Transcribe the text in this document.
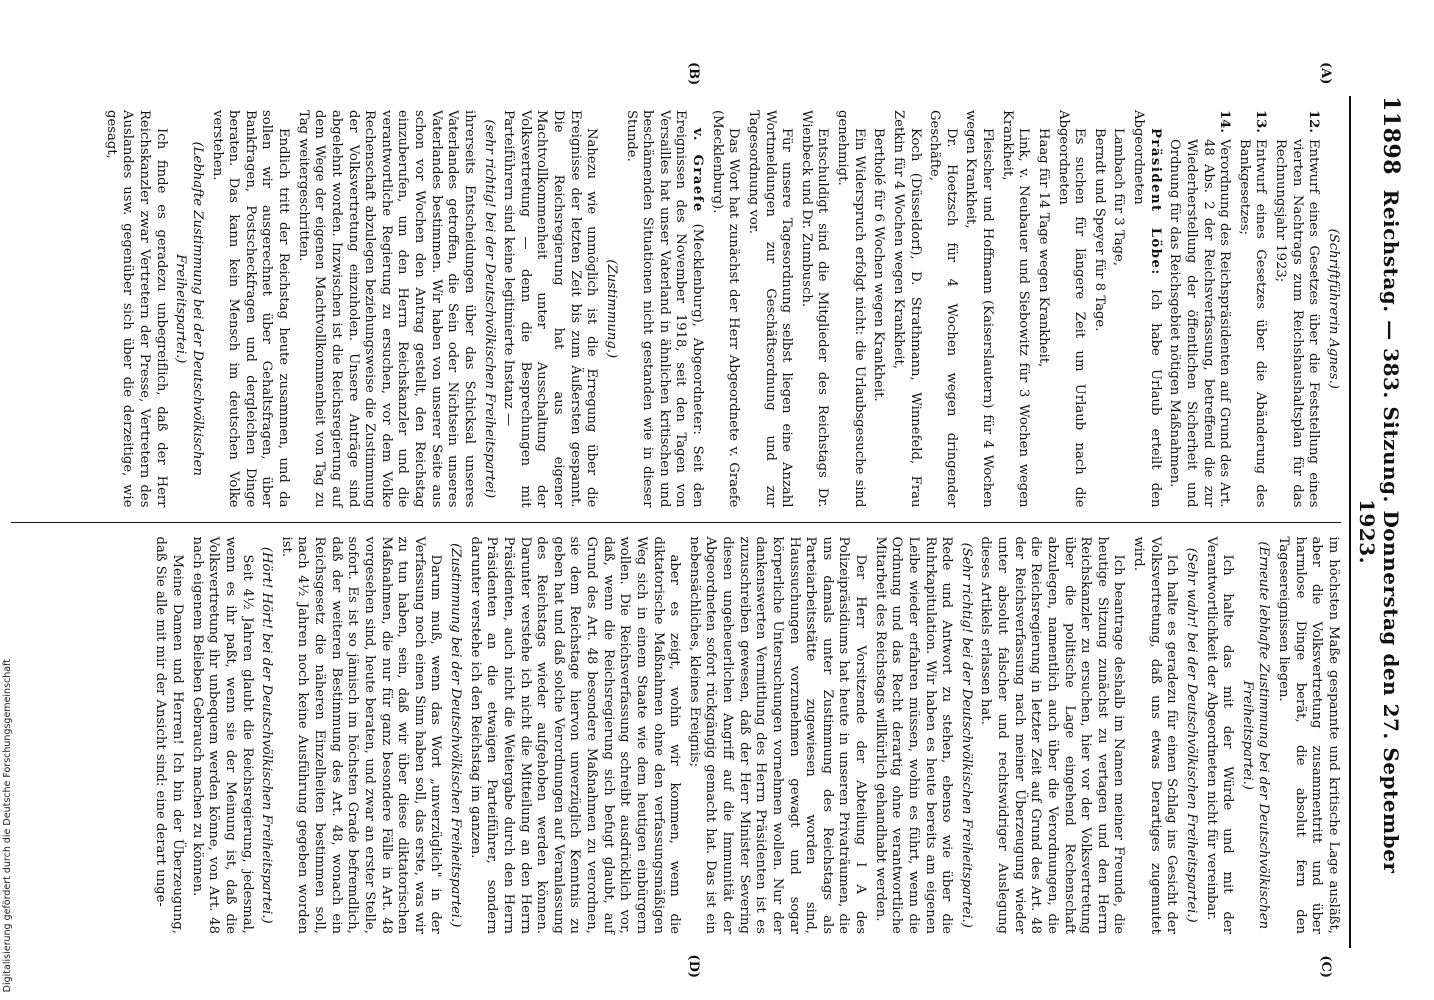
11898
Reichstag. — 383. Sitzung. Donnerstag den 27. September 1923.
(A)
(B)

(Schriftführerin Agnes.)

12.
Entwurf eines Gesetzes über die Feststellung eines vierten Nachtrags zum Reichshaushaltsplan für das Rechnungsjahr 1923;
13.
Entwurf eines Gesetzes über die Abänderung des Bankgesetzes;
14.
Verordnung des Reichspräsidenten auf Grund des Art. 48 Abs. 2 der Reichsverfassung, betreffend die zur Wiederherstellung der öffentlichen Sicherheit und Ordnung für das Reichsgebiet nötigen Maßnahmen.

Präsident Löbe: Ich habe Urlaub erteilt den Abgeordneten

Lambach für 3 Tage,

Berndt und Speyer für 8 Tage.

Es suchen für längere Zeit um Urlaub nach die Abgeordneten

Haag für 14 Tage wegen Krankheit,

Link, v. Neubauer und Siebowitz für 3 Wochen wegen Krankheit,

Fleischer und Hoffmann (Kaiserslautern) für 4 Wochen wegen Krankheit,

Dr. Hoetzsch für 4 Wochen wegen dringender Geschäfte,

Koch (Düsseldorf), D. Strathmann, Winnefeld, Frau Zetkin für 4 Wochen wegen Krankheit,

Bertholé für 6 Wochen wegen Krankheit.

Ein Widerspruch erfolgt nicht: die Urlaubsgesuche sind genehmigt.

Entschuldigt sind die Mitglieder des Reichstags Dr. Wienbeck und Dr. Zumbusch.

Für unsere Tagesordnung selbst liegen eine Anzahl Wortmeldungen zur Geschäftsordnung und zur Tagesordnung vor.

Das Wort hat zunächst der Herr Abgeordnete v. Graefe (Mecklenburg).

v. Graefe (Mecklenburg), Abgeordneter: Seit den Ereignissen des November 1918, seit den Tagen von Versailles hat unser Vaterland in ähnlichen kritischen und beschämenden Situationen nicht gestanden wie in dieser Stunde.

(Zustimmung.)

Nahezu wie unmöglich ist die Erregung über die Ereignisse der letzten Zeit bis zum Äußersten gespannt. Die Reichsregierung hat aus eigener Machtvollkommenheit unter Ausschaltung der Volksvertretung — denn die Besprechungen mit Parteiführern sind keine legitimierte Instanz —

(sehr richtig! bei der Deutschvölkischen Freiheitspartei)

ihrerseits Entscheidungen über das Schicksal unseres Vaterlandes getroffen, die Sein oder Nichtsein unseres Vaterlandes bestimmen. Wir haben von unserer Seite aus schon vor Wochen den Antrag gestellt, den Reichstag einzuberufen, um den Herrn Reichskanzler und die verantwortliche Regierung zu ersuchen, vor dem Volke Rechenschaft abzulegen beziehungsweise die Zustimmung der Volksvertretung einzuholen. Unsere Anträge sind abgelehnt worden. Inzwischen ist die Reichsregierung auf dem Wege der eigenen Machtvollkommenheit von Tag zu Tag weitergeschritten.

Endlich tritt der Reichstag heute zusammen, und da sollen wir ausgerechnet über Gehaltsfragen, über Bankfragen, Postscheckfragen und dergleichen Dinge beraten. Das kann kein Mensch im deutschen Volke verstehen.

(Lebhafte Zustimmung bei der Deutschvölkischen Freiheitspartei.)

Ich finde es geradezu unbegreiflich, daß der Herr Reichskanzler zwar Vertretern der Presse, Vertretern des Auslandes usw. gegenüber sich über die derzeitige, wie gesagt,

(C)
(D)

im höchsten Maße gespannte und kritische Lage ausläßt, aber die Volksvertretung zusammentritt und über harmlose Dinge berät, die absolut fern den Tagesereignissen liegen.

(Erneute lebhafte Zustimmung bei der Deutschvölkischen Freiheitspartei.)

Ich halte das mit der Würde und mit der Verantwortlichkeit der Abgeordneten nicht für vereinbar.

(Sehr wahr! bei der Deutschvölkischen Freiheitspartei.)

Ich halte es geradezu für einen Schlag ins Gesicht der Volksvertretung, daß uns etwas Derartiges zugemutet wird.

Ich beantrage deshalb im Namen meiner Freunde, die heutige Sitzung zunächst zu vertagen und den Herrn Reichskanzler zu ersuchen, hier vor der Volksvertretung über die politische Lage eingehend Rechenschaft abzulegen, namentlich auch über die Verordnungen, die die Reichsregierung in letzter Zeit auf Grund des Art. 48 der Reichsverfassung nach meiner Überzeugung wieder unter absolut falscher und rechtswidriger Auslegung dieses Artikels erlassen hat.

(Sehr richtig! bei der Deutschvölkischen Freiheitspartei.)

Rede und Antwort zu stehen, ebenso wie über die Ruhrkapitulation. Wir haben es heute bereits am eigenen Leibe wieder erfahren müssen, wohin es führt, wenn die Ordnung und das Recht derartig ohne verantwortliche Mitarbeit des Reichstags willkürlich gehandhabt werden.

Der Herr Vorsitzende der Abteilung I A des Polizeipräsidiums hat heute in unseren Privaträumen, die uns damals unter Zustimmung des Reichstags als Parteiarbeitsstätte zugewiesen worden sind, Haussuchungen vorzunehmen gewagt und sogar körperliche Untersuchungen vornehmen wollen. Nur der dankenswerten Vermittlung des Herrn Präsidenten ist es zuzuschreiben gewesen, daß der Herr Minister Severing diesen ungeheuerlichen Angriff auf die Immunität der Abgeordneten sofort rückgängig gemacht hat. Das ist ein nebensächliches, kleines Ereignis;

aber es zeigt, wohin wir kommen, wenn die diktatorische Maßnahmen ohne den verfassungsmäßigen Weg sich in einem Staate wie dem heutigen einbürgern wollen. Die Reichsverfassung schreibt ausdrücklich vor, daß, wenn die Reichsregierung sich befugt glaubt, auf Grund des Art. 48 besondere Maßnahmen zu verordnen, sie dem Reichstage hiervon unverzüglich Kenntnis zu geben hat und daß solche Verordnungen auf Veranlassung des Reichstags wieder aufgehoben werden können. Darunter verstehe ich nicht die Mitteilung an den Herrn Präsidenten, auch nicht die Weitergabe durch den Herrn Präsidenten an die etwaigen Parteiführer, sondern darunter verstehe ich den Reichstag im ganzen.

(Zustimmung bei der Deutschvölkischen Freiheitspartei.)

Darum muß, wenn das Wort „unverzüglich" in der Verfassung noch einen Sinn haben soll, das erste, was wir zu tun haben, sein, daß wir über diese diktatorischen Maßnahmen, die nur für ganz besondere Fälle in Art. 48 vorgesehen sind, heute beraten, und zwar an erster Stelle, sofort. Es ist so jämisch im höchsten Grade befremdlich, daß der weiteren Bestimmung des Art. 48, wonach ein Reichsgesetz die näheren Einzelheiten bestimmen soll, nach 4½ Jahren noch keine Ausführung gegeben worden ist.

(Hört! Hört! bei der Deutschvölkischen Freiheitspartei.)

Seit 4½ Jahren glaubt die Reichsregierung, jedesmal, wenn es ihr paßt, wenn sie der Meinung ist, daß die Volksvertretung ihr unbequem werden könne, von Art. 48 nach eigenem Belieben Gebrauch machen zu können.

Meine Damen und Herren! Ich bin der Überzeugung, daß Sie alle mit mir der Ansicht sind: eine derart unge-

Digitalisierung gefördert durch die Deutsche Forschungsgemeinschaft
